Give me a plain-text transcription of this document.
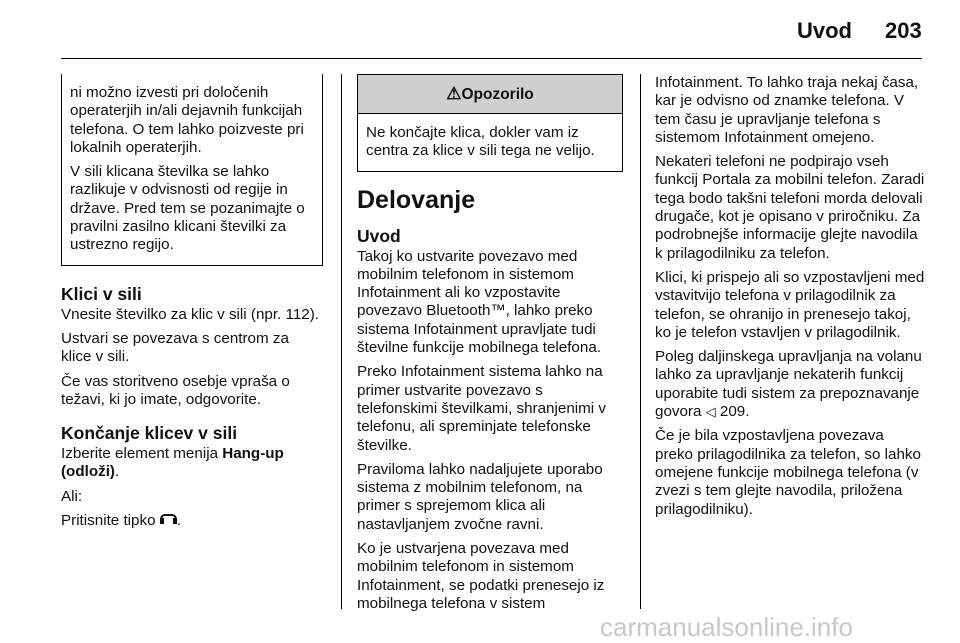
Uvod 203

ni možno izvesti pri določenih operaterjih in/ali dejavnih funkcijah telefona. O tem lahko poizveste pri lokalnih operaterjih.

V sili klicana številka se lahko razlikuje v odvisnosti od regije in države. Pred tem se pozanimajte o pravilni zasilno klicani številki za ustrezno regijo.

Klici v sili

Vnesite številko za klic v sili (npr. 112).

Ustvari se povezava s centrom za klice v sili.

Če vas storitveno osebje vpraša o težavi, ki jo imate, odgovorite.

Končanje klicev v sili

Izberite element menija Hang-up (odloži).

Ali:

Pritisnite tipko .

⚠Opozorilo
Ne končajte klica, dokler vam iz centra za klice v sili tega ne velijo.
Delovanje
Uvod

Takoj ko ustvarite povezavo med mobilnim telefonom in sistemom Infotainment ali ko vzpostavite povezavo Bluetooth™, lahko preko sistema Infotainment upravljate tudi številne funkcije mobilnega telefona.

Preko Infotainment sistema lahko na primer ustvarite povezavo s telefonskimi številkami, shranjenimi v telefonu, ali spreminjate telefonske številke.

Praviloma lahko nadaljujete uporabo sistema z mobilnim telefonom, na primer s sprejemom klica ali nastavljanjem zvočne ravni.

Ko je ustvarjena povezava med mobilnim telefonom in sistemom Infotainment, se podatki prenesejo iz mobilnega telefona v sistem

Infotainment. To lahko traja nekaj časa, kar je odvisno od znamke telefona. V tem času je upravljanje telefona s sistemom Infotainment omejeno.

Nekateri telefoni ne podpirajo vseh funkcij Portala za mobilni telefon. Zaradi tega bodo takšni telefoni morda delovali drugače, kot je opisano v priročniku. Za podrobnejše informacije glejte navodila k prilagodilniku za telefon.

Klici, ki prispejo ali so vzpostavljeni med vstavitvijo telefona v prilagodilnik za telefon, se ohranijo in prenesejo takoj, ko je telefon vstavljen v prilagodilnik.

Poleg daljinskega upravljanja na volanu lahko za upravljanje nekaterih funkcij uporabite tudi sistem za prepoznavanje govora ◁ 209.

Če je bila vzpostavljena povezava preko prilagodilnika za telefon, so lahko omejene funkcije mobilnega telefona (v zvezi s tem glejte navodila, priložena prilagodilniku).

carmanualsonline.info
